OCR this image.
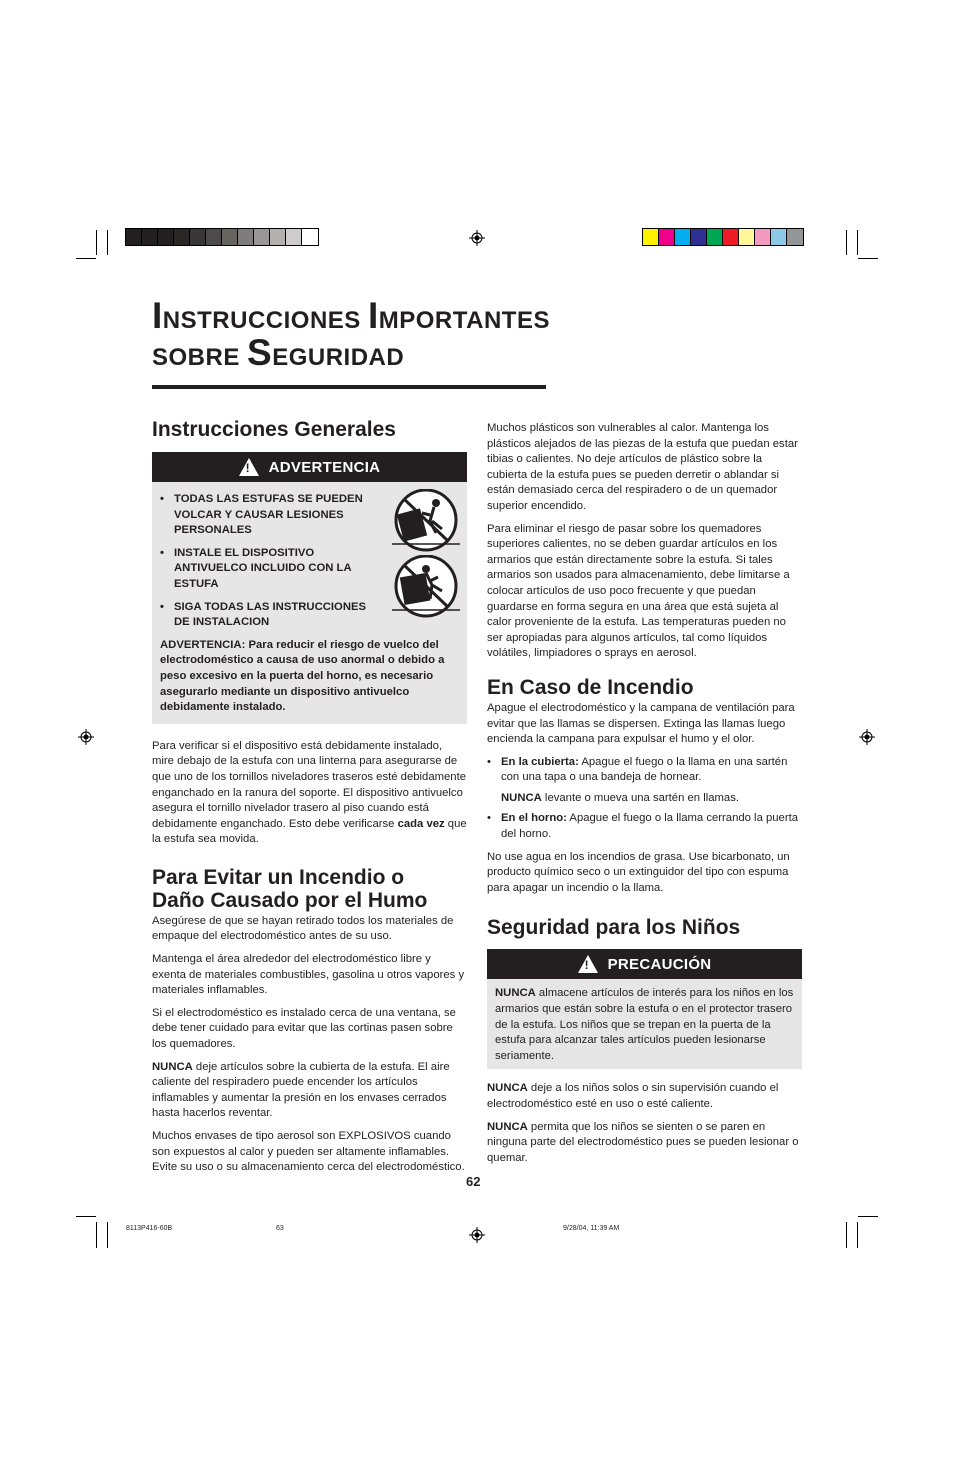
INSTRUCCIONES IMPORTANTES
SOBRE SEGURIDAD
Instrucciones Generales
! ADVERTENCIA
• TODAS LAS ESTUFAS SE PUEDEN VOLCAR Y CAUSAR LESIONES PERSONALES
• INSTALE EL DISPOSITIVO ANTIVUELCO INCLUIDO CON LA ESTUFA
• SIGA TODAS LAS INSTRUCCIONES DE INSTALACION

ADVERTENCIA: Para reducir el riesgo de vuelco del electrodoméstico a causa de uso anormal o debido a peso excesivo en la puerta del horno, es necesario asegurarlo mediante un dispositivo antivuelco debidamente instalado.

Para verificar si el dispositivo está debidamente instalado, mire debajo de la estufa con una linterna para asegurarse de que uno de los tornillos niveladores traseros esté debidamente enganchado en la ranura del soporte. El dispositivo antivuelco asegura el tornillo nivelador trasero al piso cuando está debidamente enganchado. Esto debe verificarse cada vez que la estufa sea movida.

Para Evitar un Incendio o
Daño Causado por el Humo

Asegúrese de que se hayan retirado todos los materiales de empaque del electrodoméstico antes de su uso.

Mantenga el área alrededor del electrodoméstico libre y exenta de materiales combustibles, gasolina u otros vapores y materiales inflamables.

Si el electrodoméstico es instalado cerca de una ventana, se debe tener cuidado para evitar que las cortinas pasen sobre los quemadores.

NUNCA deje artículos sobre la cubierta de la estufa. El aire caliente del respiradero puede encender los artículos inflamables y aumentar la presión en los envases cerrados hasta hacerlos reventar.

Muchos envases de tipo aerosol son EXPLOSIVOS cuando son expuestos al calor y pueden ser altamente inflamables. Evite su uso o su almacenamiento cerca del electrodoméstico.

Muchos plásticos son vulnerables al calor. Mantenga los plásticos alejados de las piezas de la estufa que puedan estar tibias o calientes. No deje artículos de plástico sobre la cubierta de la estufa pues se pueden derretir o ablandar si están demasiado cerca del respiradero o de un quemador superior encendido.

Para eliminar el riesgo de pasar sobre los quemadores superiores calientes, no se deben guardar artículos en los armarios que están directamente sobre la estufa. Si tales armarios son usados para almacenamiento, debe limitarse a colocar artículos de uso poco frecuente y que puedan guardarse en forma segura en una área que está sujeta al calor proveniente de la estufa. Las temperaturas pueden no ser apropiadas para algunos artículos, tal como líquidos volátiles, limpiadores o sprays en aerosol.

En Caso de Incendio

Apague el electrodoméstico y la campana de ventilación para evitar que las llamas se dispersen. Extinga las llamas luego encienda la campana para expulsar el humo y el olor.

• En la cubierta: Apague el fuego o la llama en una sartén con una tapa o una bandeja de hornear.
NUNCA levante o mueva una sartén en llamas.
• En el horno: Apague el fuego o la llama cerrando la puerta del horno.

No use agua en los incendios de grasa. Use bicarbonato, un producto químico seco o un extinguidor del tipo con espuma para apagar un incendio o la llama.

Seguridad para los Niños
! PRECAUCIÓN

NUNCA almacene artículos de interés para los niños en los armarios que están sobre la estufa o en el protector trasero de la estufa. Los niños que se trepan en la puerta de la estufa para alcanzar tales artículos pueden lesionarse seriamente.

NUNCA deje a los niños solos o sin supervisión cuando el electrodoméstico esté en uso o esté caliente.

NUNCA permita que los niños se sienten o se paren en ninguna parte del electrodoméstico pues se pueden lesionar o quemar.

62
8113P416-60B	63	9/28/04, 11:39 AM
